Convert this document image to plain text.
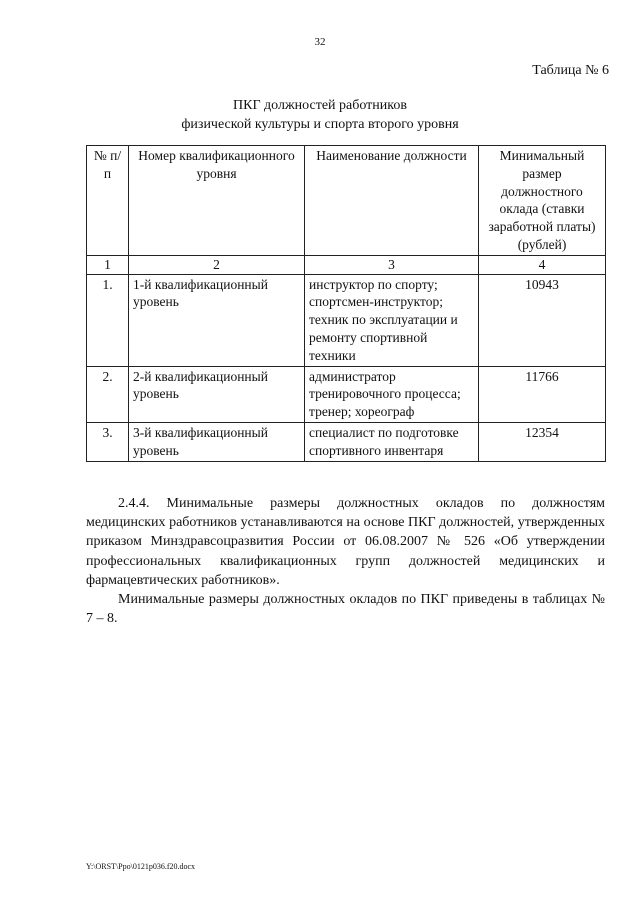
32
Таблица № 6
ПКГ должностей работников
физической культуры и спорта второго уровня
№ п/п	Номер квалификационного уровня	Наименование должности	Минимальный размер должностного оклада (ставки заработной платы) (рублей)
1	2	3	4
1.	1-й квалификационный уровень	инструктор по спорту; спортсмен-инструктор; техник по эксплуатации и ремонту спортивной техники	10943
2.	2-й квалификационный уровень	администратор тренировочного процесса; тренер; хореограф	11766
3.	3-й квалификационный уровень	специалист по подготовке спортивного инвентаря	12354

2.4.4. Минимальные размеры должностных окладов по должностям медицинских работников устанавливаются на основе ПКГ должностей, утвержденных приказом Минздравсоцразвития России от 06.08.2007 № 526 «Об утверждении профессиональных квалификационных групп должностей медицинских и фармацевтических работников».

Минимальные размеры должностных окладов по ПКГ приведены в таблицах № 7 – 8.

Y:\ORST\Ppo\0121p036.f20.docx
